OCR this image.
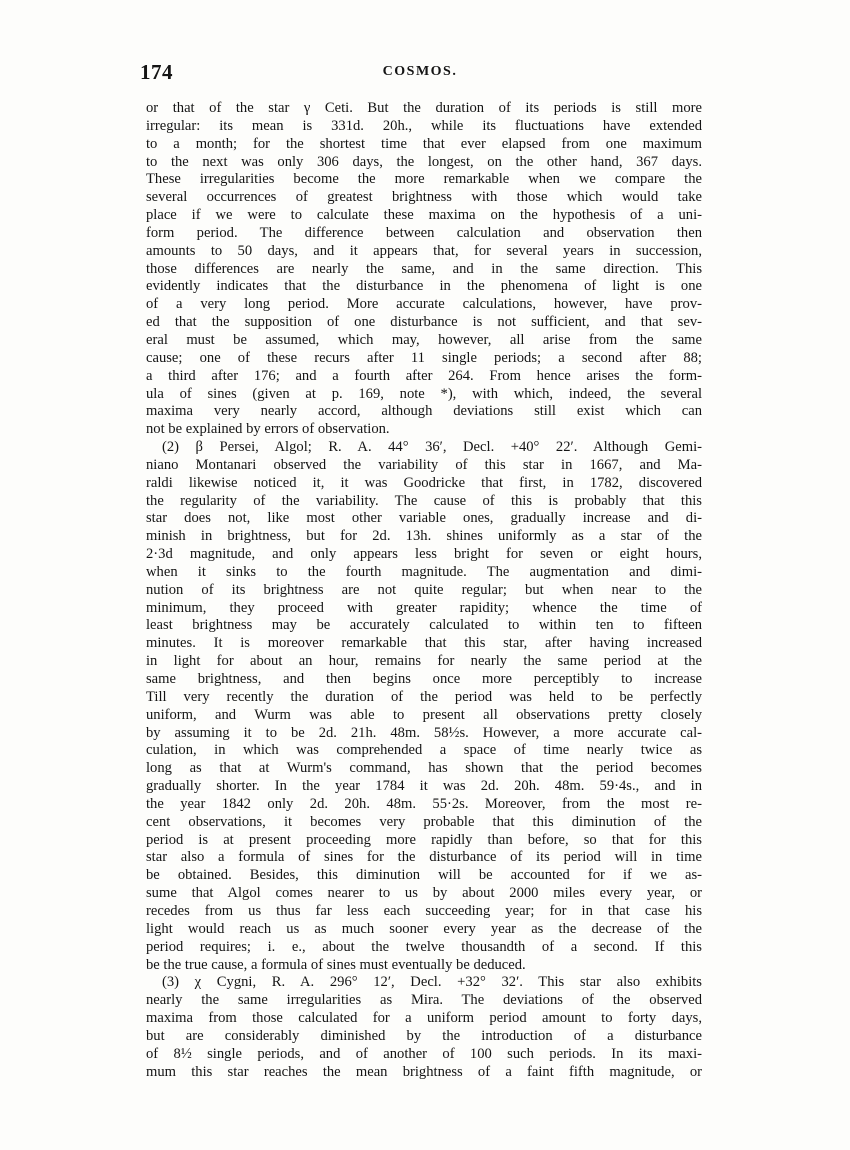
174	COSMOS.
or that of the star γ Ceti. But the duration of its periods is still more
irregular: its mean is 331d. 20h., while its fluctuations have extended
to a month; for the shortest time that ever elapsed from one maximum
to the next was only 306 days, the longest, on the other hand, 367 days.
These irregularities become the more remarkable when we compare the
several occurrences of greatest brightness with those which would take
place if we were to calculate these maxima on the hypothesis of a uni-
form period. The difference between calculation and observation then
amounts to 50 days, and it appears that, for several years in succession,
those differences are nearly the same, and in the same direction. This
evidently indicates that the disturbance in the phenomena of light is one
of a very long period. More accurate calculations, however, have prov-
ed that the supposition of one disturbance is not sufficient, and that sev-
eral must be assumed, which may, however, all arise from the same
cause; one of these recurs after 11 single periods; a second after 88;
a third after 176; and a fourth after 264. From hence arises the form-
ula of sines (given at p. 169, note *), with which, indeed, the several
maxima very nearly accord, although deviations still exist which can
not be explained by errors of observation.
(2) β Persei, Algol; R. A. 44° 36′, Decl. +40° 22′. Although Gemi-
niano Montanari observed the variability of this star in 1667, and Ma-
raldi likewise noticed it, it was Goodricke that first, in 1782, discovered
the regularity of the variability. The cause of this is probably that this
star does not, like most other variable ones, gradually increase and di-
minish in brightness, but for 2d. 13h. shines uniformly as a star of the
2·3d magnitude, and only appears less bright for seven or eight hours,
when it sinks to the fourth magnitude. The augmentation and dimi-
nution of its brightness are not quite regular; but when near to the
minimum, they proceed with greater rapidity; whence the time of
least brightness may be accurately calculated to within ten to fifteen
minutes. It is moreover remarkable that this star, after having increased
in light for about an hour, remains for nearly the same period at the
same brightness, and then begins once more perceptibly to increase
Till very recently the duration of the period was held to be perfectly
uniform, and Wurm was able to present all observations pretty closely
by assuming it to be 2d. 21h. 48m. 58½s. However, a more accurate cal-
culation, in which was comprehended a space of time nearly twice as
long as that at Wurm's command, has shown that the period becomes
gradually shorter. In the year 1784 it was 2d. 20h. 48m. 59·4s., and in
the year 1842 only 2d. 20h. 48m. 55·2s. Moreover, from the most re-
cent observations, it becomes very probable that this diminution of the
period is at present proceeding more rapidly than before, so that for this
star also a formula of sines for the disturbance of its period will in time
be obtained. Besides, this diminution will be accounted for if we as-
sume that Algol comes nearer to us by about 2000 miles every year, or
recedes from us thus far less each succeeding year; for in that case his
light would reach us as much sooner every year as the decrease of the
period requires; i. e., about the twelve thousandth of a second. If this
be the true cause, a formula of sines must eventually be deduced.
(3) χ Cygni, R. A. 296° 12′, Decl. +32° 32′. This star also exhibits
nearly the same irregularities as Mira. The deviations of the observed
maxima from those calculated for a uniform period amount to forty days,
but are considerably diminished by the introduction of a disturbance
of 8½ single periods, and of another of 100 such periods. In its maxi-
mum this star reaches the mean brightness of a faint fifth magnitude, or
